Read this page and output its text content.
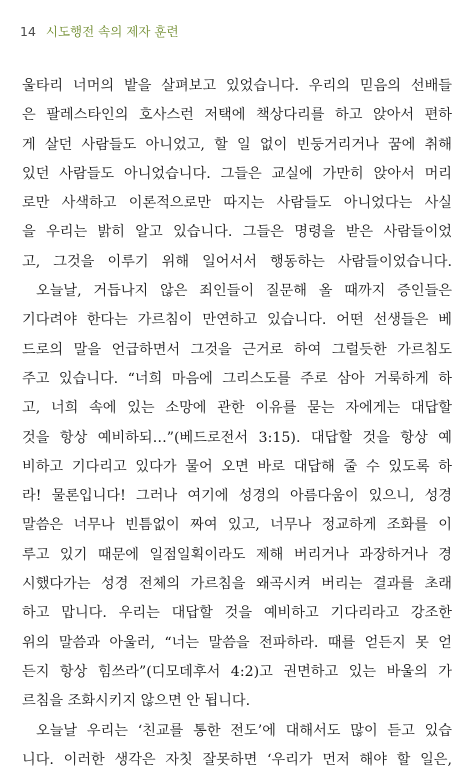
14 시도행전 속의 제자 훈련
울타리 너머의 밭을 살펴보고 있었습니다. 우리의 믿음의 선배들
은 팔레스타인의 호사스런 저택에 책상다리를 하고 앉아서 편하
게 살던 사람들도 아니었고, 할 일 없이 빈둥거리거나 꿈에 취해
있던 사람들도 아니었습니다. 그들은 교실에 가만히 앉아서 머리
로만 사색하고 이론적으로만 따지는 사람들도 아니었다는 사실
을 우리는 밝히 알고 있습니다. 그들은 명령을 받은 사람들이었
고, 그것을 이루기 위해 일어서서 행동하는 사람들이었습니다.
오늘날, 거듭나지 않은 죄인들이 질문해 올 때까지 증인들은
기다려야 한다는 가르침이 만연하고 있습니다. 어떤 선생들은 베
드로의 말을 언급하면서 그것을 근거로 하여 그럴듯한 가르침도
주고 있습니다. “너희 마음에 그리스도를 주로 삼아 거룩하게 하
고, 너희 속에 있는 소망에 관한 이유를 묻는 자에게는 대답할
것을 항상 예비하되…”(베드로전서 3:15). 대답할 것을 항상 예
비하고 기다리고 있다가 물어 오면 바로 대답해 줄 수 있도록 하
라! 물론입니다! 그러나 여기에 성경의 아름다움이 있으니, 성경
말씀은 너무나 빈틈없이 짜여 있고, 너무나 정교하게 조화를 이
루고 있기 때문에 일점일획이라도 제해 버리거나 과장하거나 경
시했다가는 성경 전체의 가르침을 왜곡시켜 버리는 결과를 초래
하고 맙니다. 우리는 대답할 것을 예비하고 기다리라고 강조한
위의 말씀과 아울러, “너는 말씀을 전파하라. 때를 얻든지 못 얻
든지 항상 힘쓰라”(디모데후서 4:2)고 권면하고 있는 바울의 가
르침을 조화시키지 않으면 안 됩니다.
오늘날 우리는 ‘친교를 통한 전도’에 대해서도 많이 듣고 있습
니다. 이러한 생각은 자칫 잘못하면 ‘우리가 먼저 해야 할 일은,
